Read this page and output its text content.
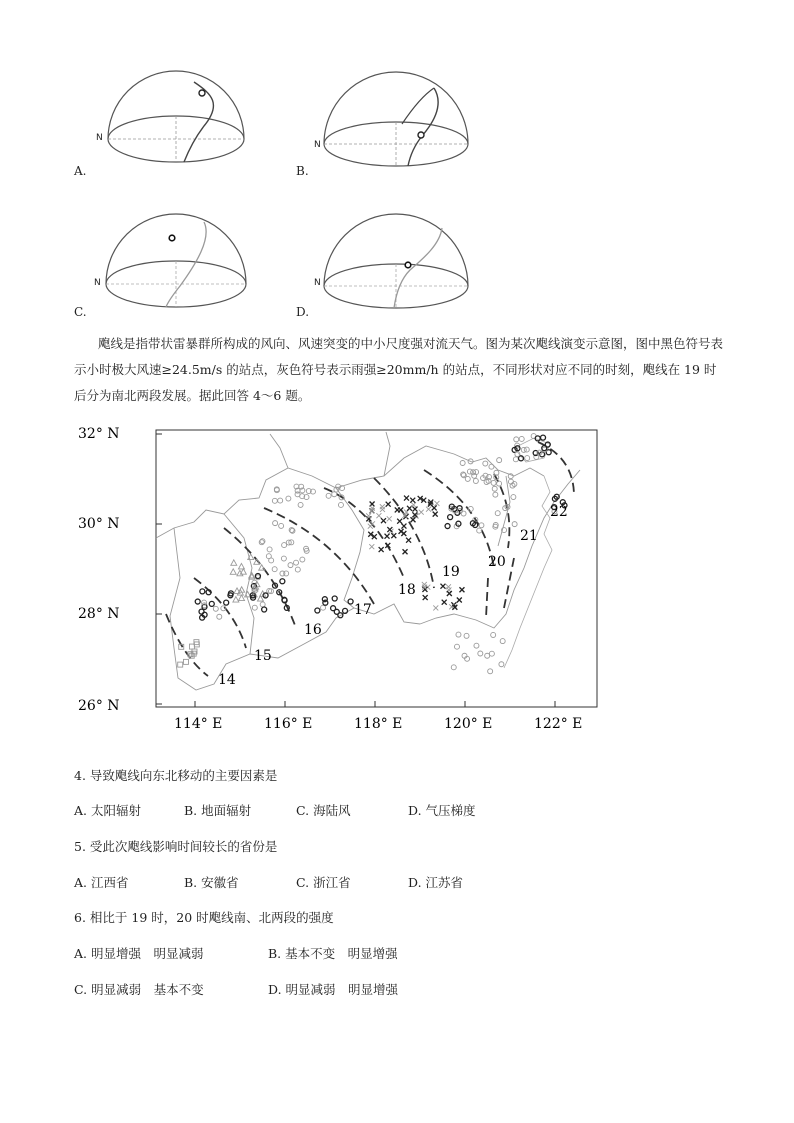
N
A.
N
B.
N
C.
N
D.
飑线是指带状雷暴群所构成的风向、风速突变的中小尺度强对流天气。图为某次飑线演变示意图，图中黑色符号表示小时极大风速≥24.5m/s 的站点，灰色符号表示雨强≥20mm/h 的站点，不同形状对应不同的时刻，飑线在 19 时后分为南北两段发展。据此回答 4～6 题。
32° N
30° N
28° N
26° N
114° E	116° E	118° E	120° E	122° E
14
15
16
17
18
19
20
21
22
4. 导致飑线向东北移动的主要因素是
A. 太阳辐射	B. 地面辐射	C. 海陆风	D. 气压梯度
5. 受此次飑线影响时间较长的省份是
A. 江西省	B. 安徽省	C. 浙江省	D. 江苏省
6. 相比于 19 时，20 时飑线南、北两段的强度
A. 明显增强　明显减弱	B. 基本不变　明显增强
C. 明显减弱　基本不变	D. 明显减弱　明显增强
